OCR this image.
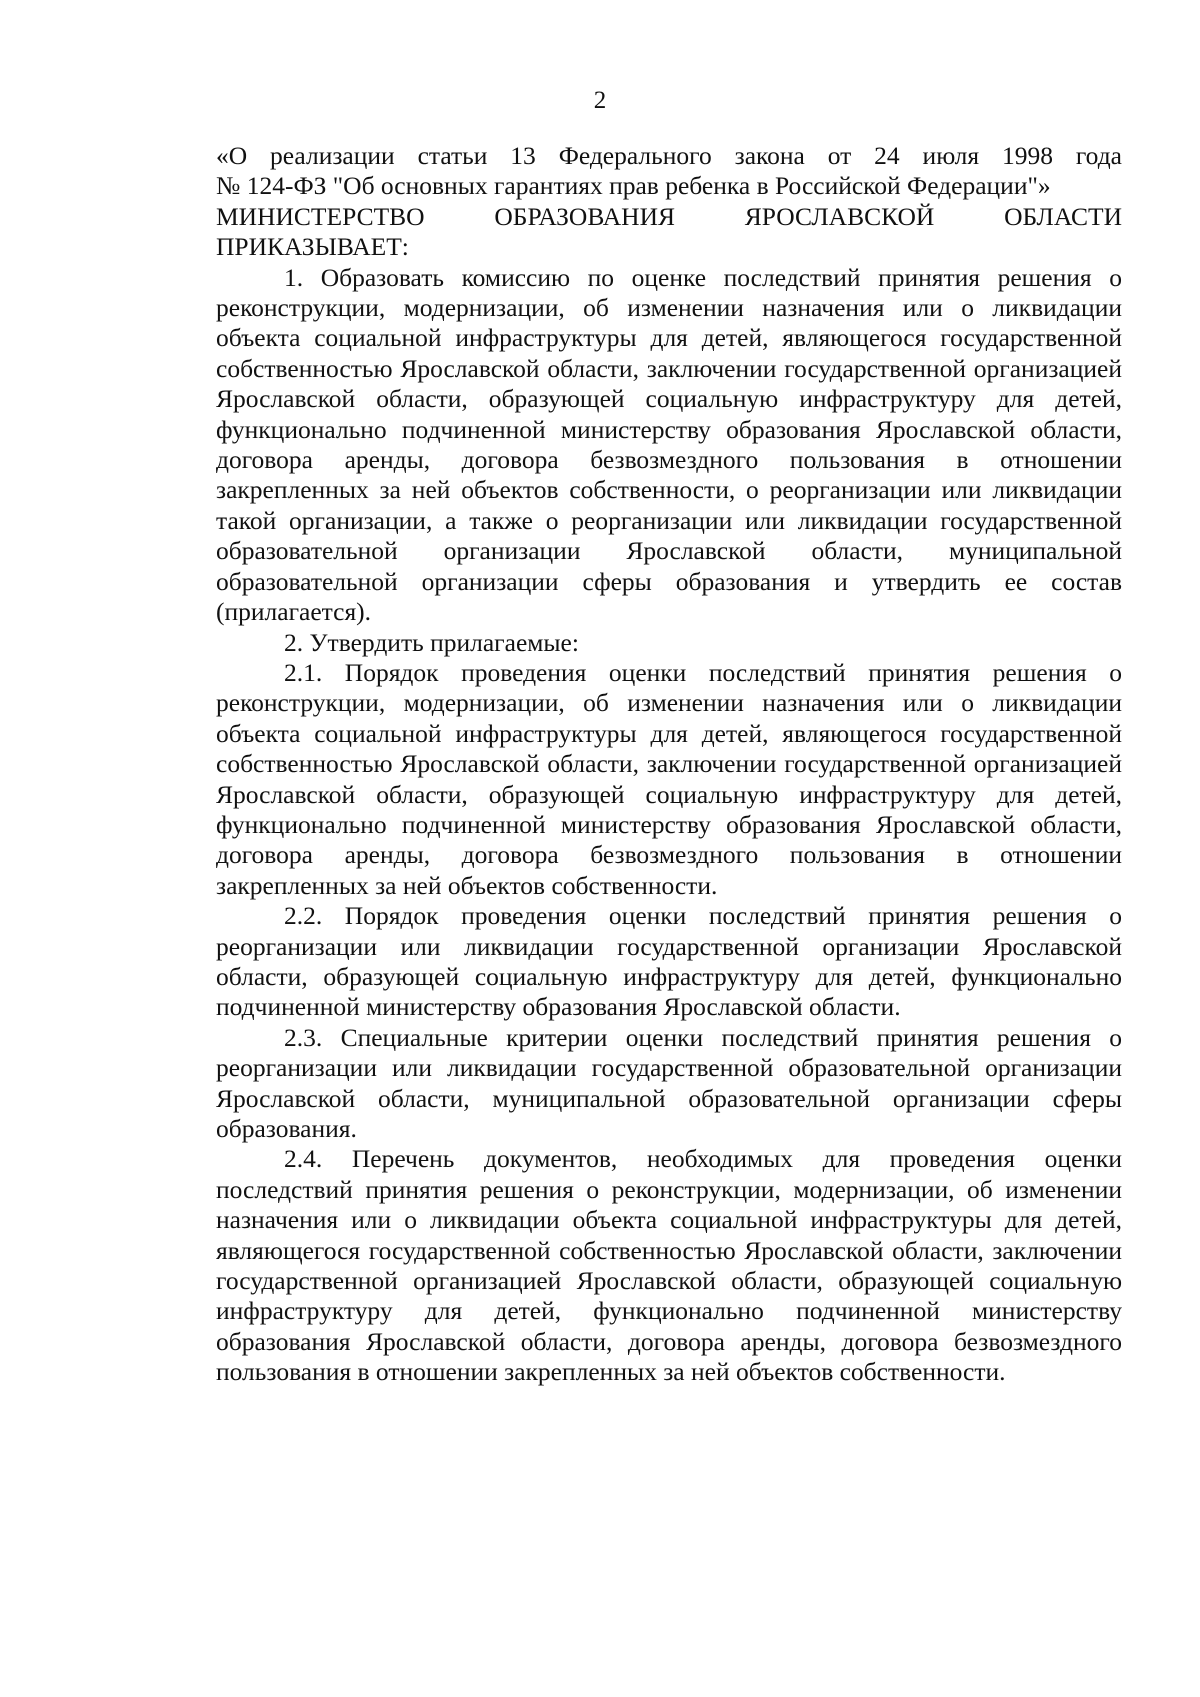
2

«О реализации статьи 13 Федерального закона от 24 июля 1998 года

№ 124-ФЗ "Об основных гарантиях прав ребенка в Российской Федерации"»

МИНИСТЕРСТВО ОБРАЗОВАНИЯ ЯРОСЛАВСКОЙ ОБЛАСТИ

ПРИКАЗЫВАЕТ:

1. Образовать комиссию по оценке последствий принятия решения о реконструкции, модернизации, об изменении назначения или о ликвидации объекта социальной инфраструктуры для детей, являющегося государственной собственностью Ярославской области, заключении государственной организацией Ярославской области, образующей социальную инфраструктуру для детей, функционально подчиненной министерству образования Ярославской области, договора аренды, договора безвозмездного пользования в отношении закрепленных за ней объектов собственности, о реорганизации или ликвидации такой организации, а также о реорганизации или ликвидации государственной образовательной организации Ярославской области, муниципальной образовательной организации сферы образования и утвердить ее состав (прилагается).

2. Утвердить прилагаемые:

2.1. Порядок проведения оценки последствий принятия решения о реконструкции, модернизации, об изменении назначения или о ликвидации объекта социальной инфраструктуры для детей, являющегося государственной собственностью Ярославской области, заключении государственной организацией Ярославской области, образующей социальную инфраструктуру для детей, функционально подчиненной министерству образования Ярославской области, договора аренды, договора безвозмездного пользования в отношении закрепленных за ней объектов собственности.

2.2. Порядок проведения оценки последствий принятия решения о реорганизации или ликвидации государственной организации Ярославской области, образующей социальную инфраструктуру для детей, функционально подчиненной министерству образования Ярославской области.

2.3. Специальные критерии оценки последствий принятия решения о реорганизации или ликвидации государственной образовательной организации Ярославской области, муниципальной образовательной организации сферы образования.

2.4. Перечень документов, необходимых для проведения оценки последствий принятия решения о реконструкции, модернизации, об изменении назначения или о ликвидации объекта социальной инфраструктуры для детей, являющегося государственной собственностью Ярославской области, заключении государственной организацией Ярославской области, образующей социальную инфраструктуру для детей, функционально подчиненной министерству образования Ярославской области, договора аренды, договора безвозмездного пользования в отношении закрепленных за ней объектов собственности.
